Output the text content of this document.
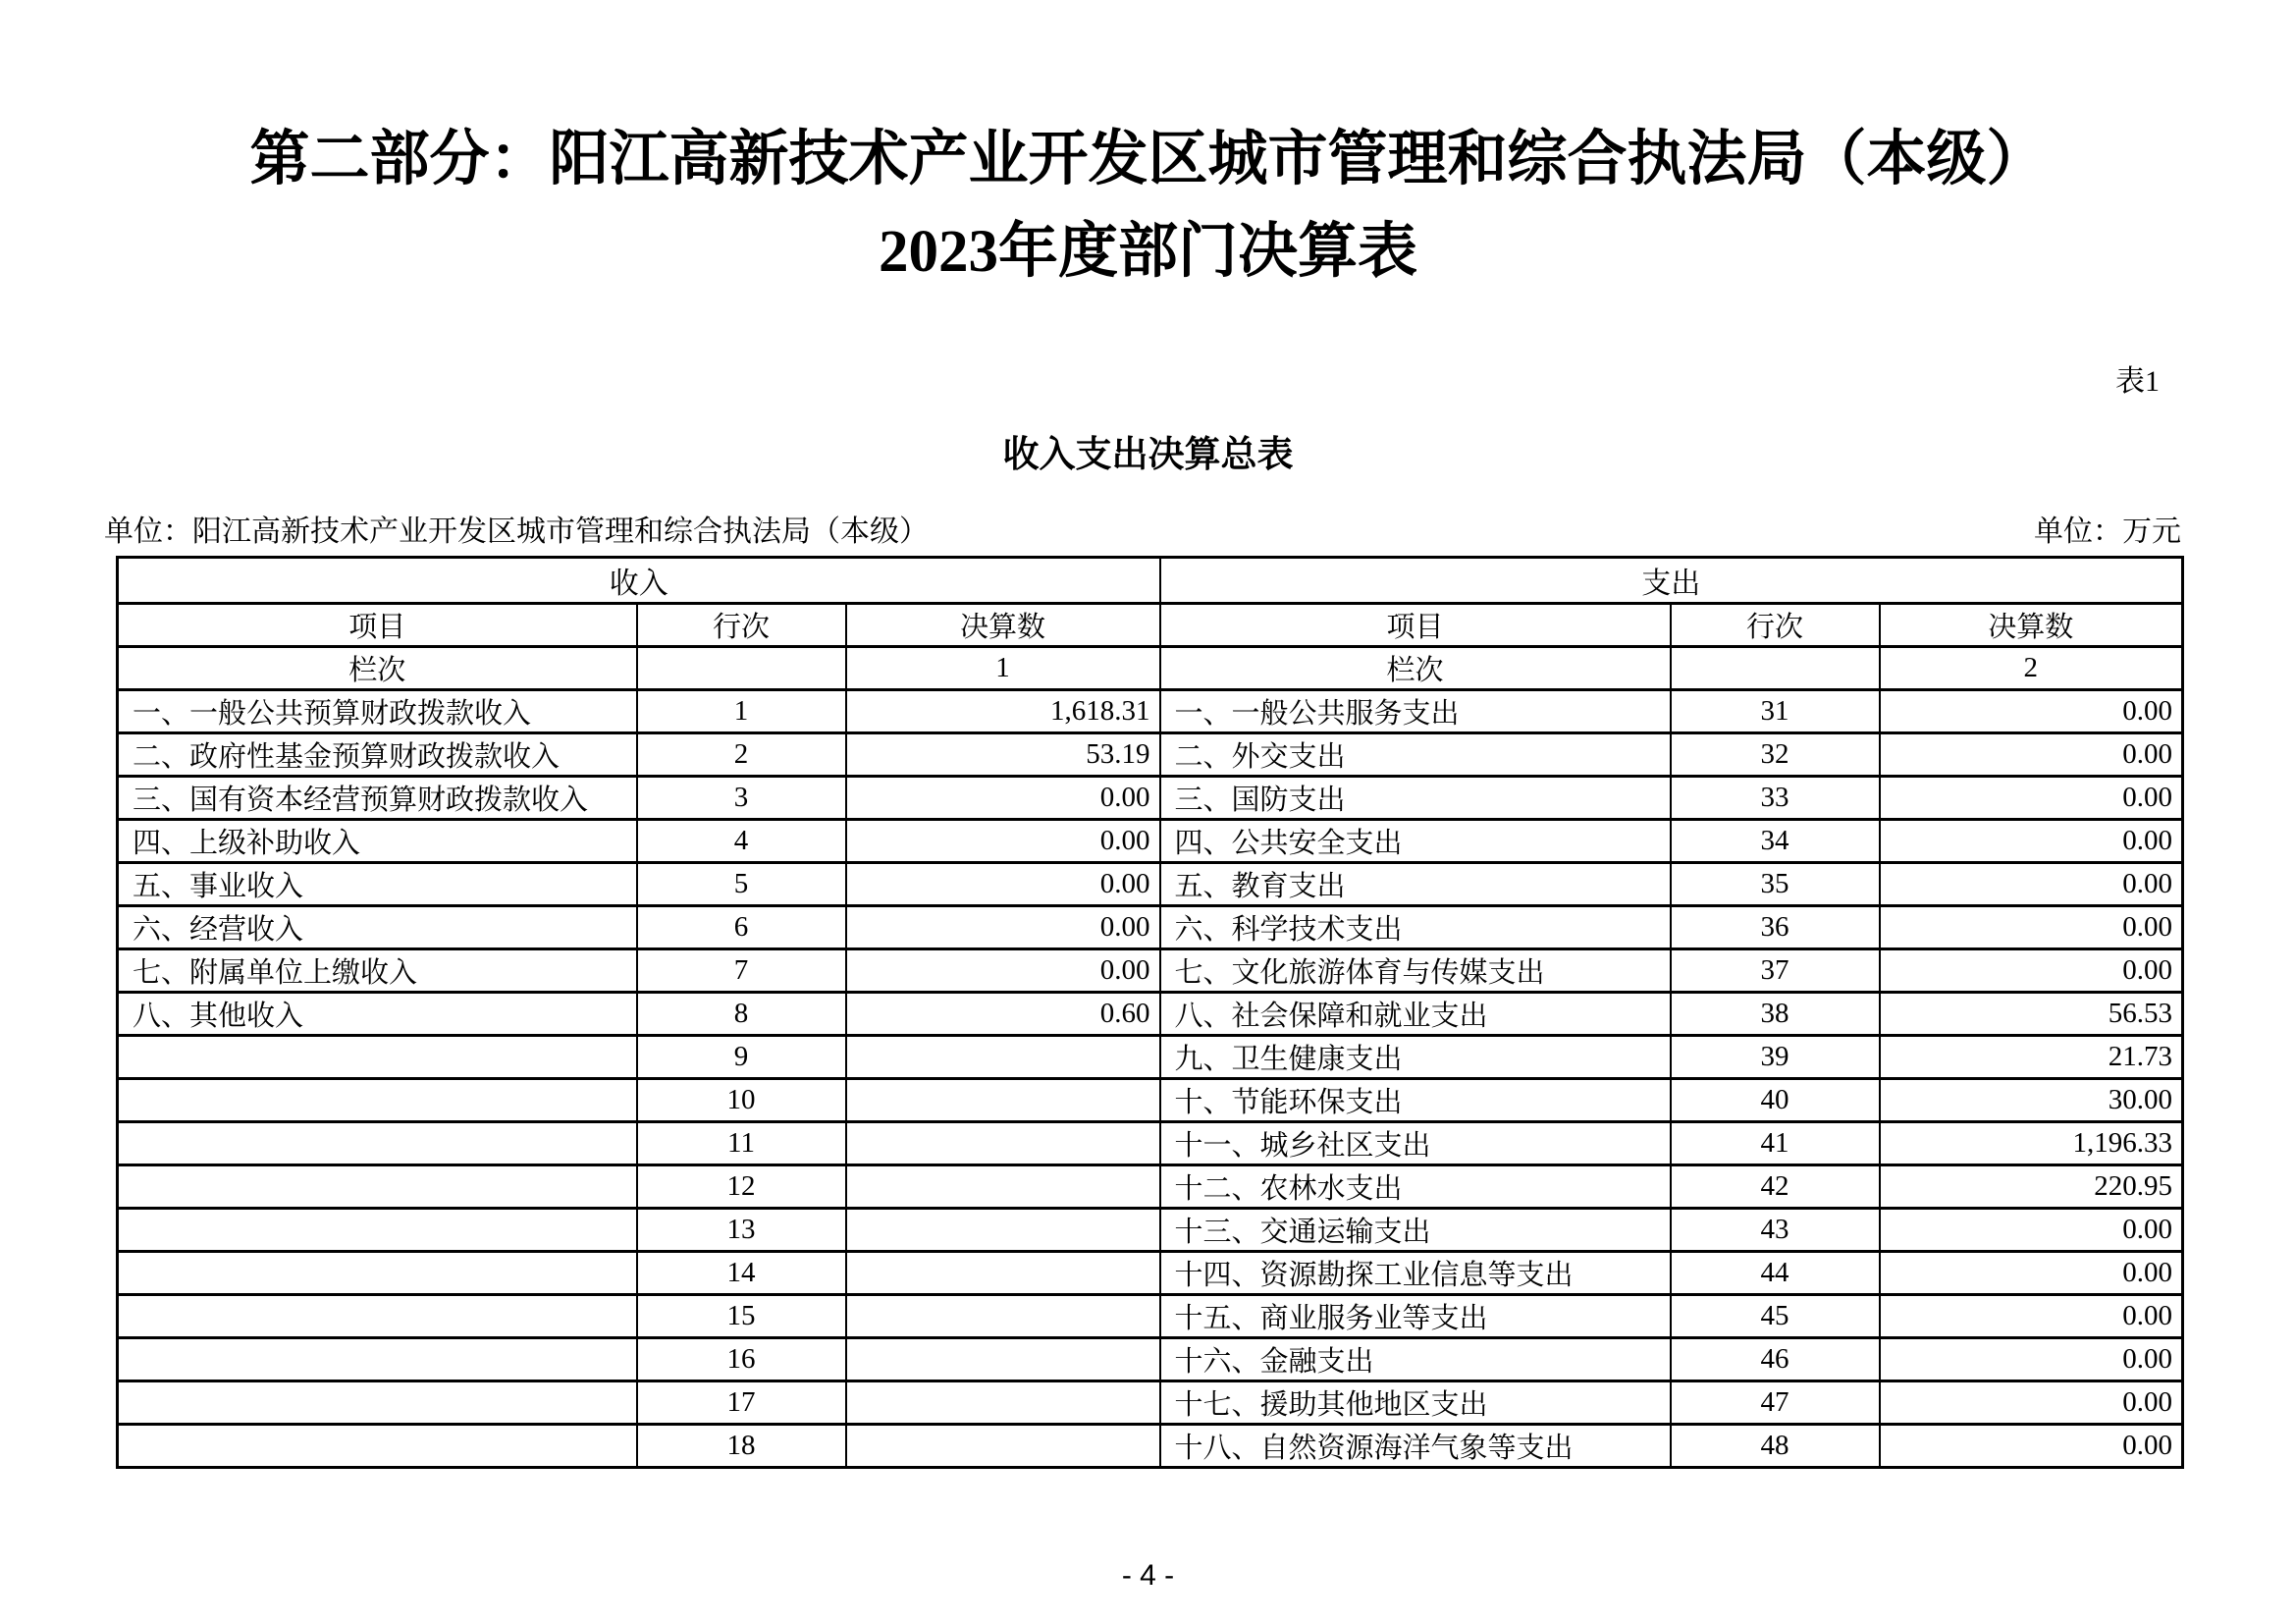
第二部分：阳江高新技术产业开发区城市管理和综合执法局（本级）
2023年度部门决算表
表1
收入支出决算总表
单位：阳江高新技术产业开发区城市管理和综合执法局（本级）	单位：万元
收入			支出		
项目	行次	决算数	项目	行次	决算数
栏次		1	栏次		2
一、一般公共预算财政拨款收入	1	1,618.31	一、一般公共服务支出	31	0.00
二、政府性基金预算财政拨款收入	2	53.19	二、外交支出	32	0.00
三、国有资本经营预算财政拨款收入	3	0.00	三、国防支出	33	0.00
四、上级补助收入	4	0.00	四、公共安全支出	34	0.00
五、事业收入	5	0.00	五、教育支出	35	0.00
六、经营收入	6	0.00	六、科学技术支出	36	0.00
七、附属单位上缴收入	7	0.00	七、文化旅游体育与传媒支出	37	0.00
八、其他收入	8	0.60	八、社会保障和就业支出	38	56.53
	9		九、卫生健康支出	39	21.73
	10		十、节能环保支出	40	30.00
	11		十一、城乡社区支出	41	1,196.33
	12		十二、农林水支出	42	220.95
	13		十三、交通运输支出	43	0.00
	14		十四、资源勘探工业信息等支出	44	0.00
	15		十五、商业服务业等支出	45	0.00
	16		十六、金融支出	46	0.00
	17		十七、援助其他地区支出	47	0.00
	18		十八、自然资源海洋气象等支出	48	0.00
- 4 -
